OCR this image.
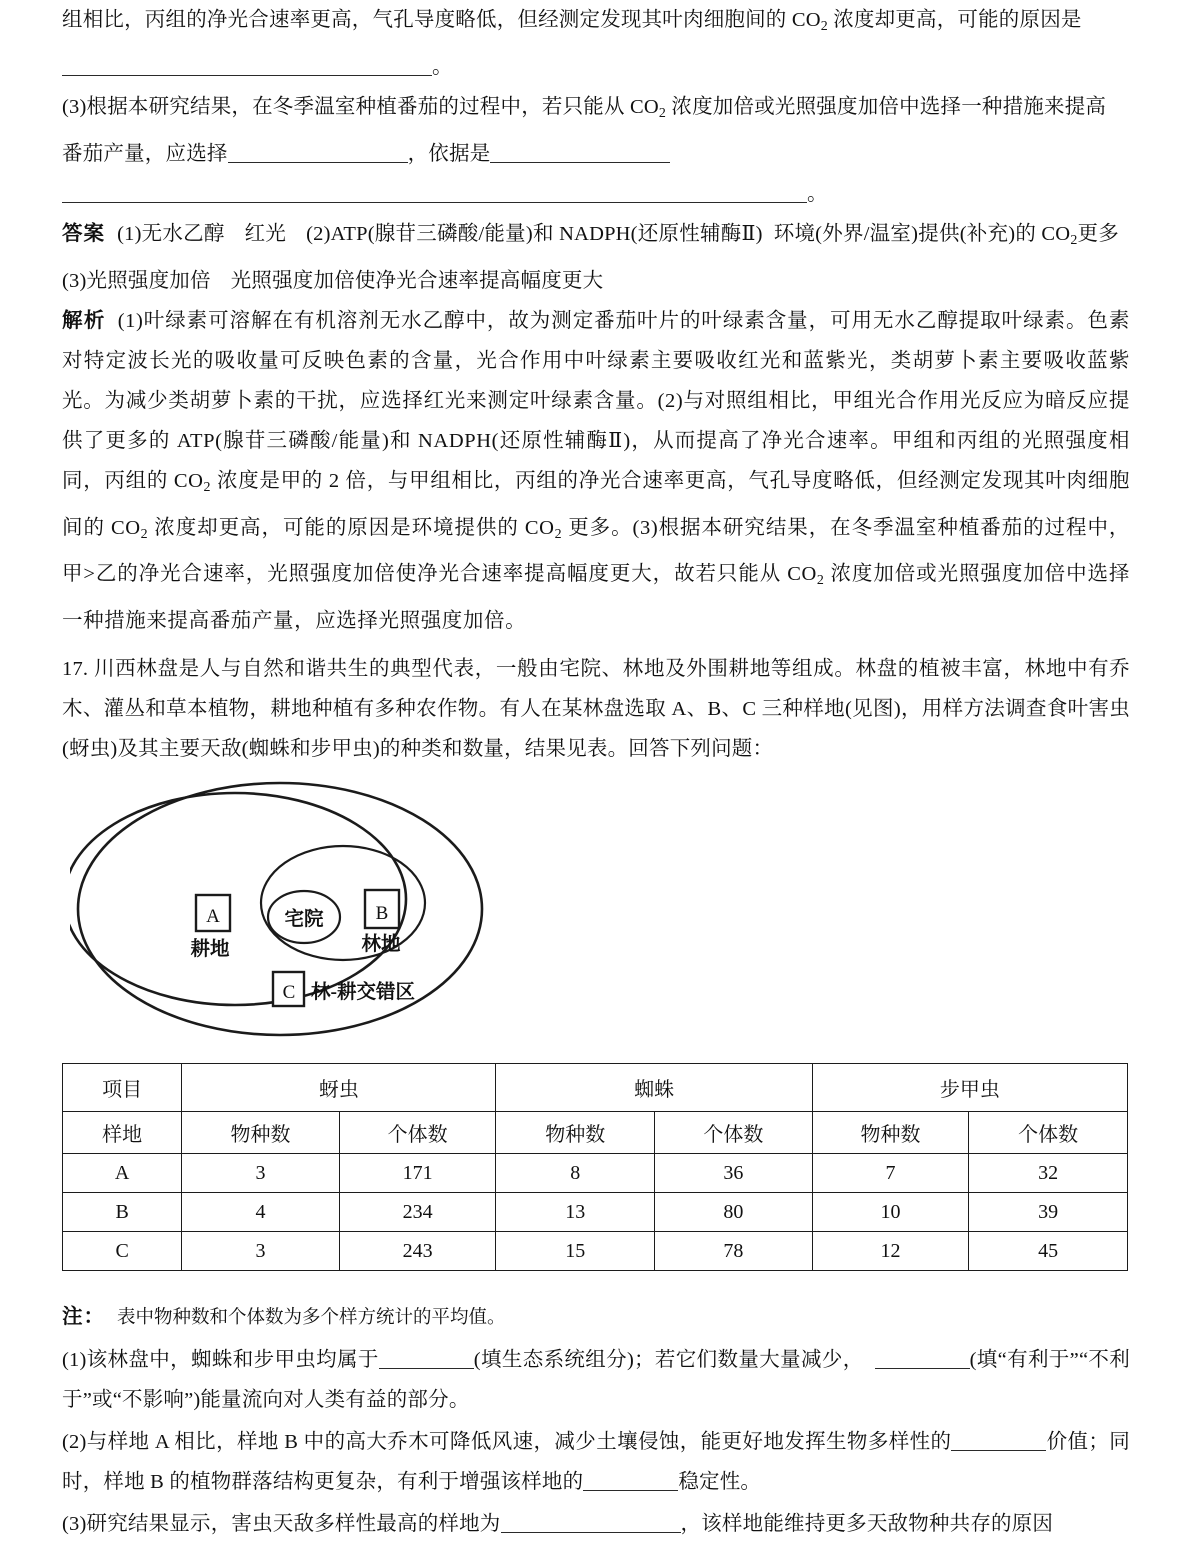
组相比，丙组的净光合速率更高，气孔导度略低，但经测定发现其叶肉细胞间的 $CO_2$ 浓度却更高，可能的原因是
。
(3)根据本研究结果，在冬季温室种植番茄的过程中，若只能从 $CO_2$ 浓度加倍或光照强度加倍中选择一种措施来提高
番茄产量，应选择	，依据是
。
答案 (1)无水乙醇 红光 (2)ATP(腺苷三磷酸/能量)和 NADPH(还原性辅酶Ⅱ) 环境(外界/温室)提供(补充)的 $CO_2$更多(3)光照强度加倍 光照强度加倍使净光合速率提高幅度更大
解析 (1)叶绿素可溶解在有机溶剂无水乙醇中，故为测定番茄叶片的叶绿素含量，可用无水乙醇提取叶绿素。色素对特定波长光的吸收量可反映色素的含量，光合作用中叶绿素主要吸收红光和蓝紫光，类胡萝卜素主要吸收蓝紫光。为减少类胡萝卜素的干扰，应选择红光来测定叶绿素含量。(2)与对照组相比，甲组光合作用光反应为暗反应提供了更多的 ATP(腺苷三磷酸/能量)和 NADPH(还原性辅酶Ⅱ)，从而提高了净光合速率。甲组和丙组的光照强度相同，丙组的 $CO_2$ 浓度是甲的 2 倍，与甲组相比，丙组的净光合速率更高，气孔导度略低，但经测定发现其叶肉细胞间的 $CO_2$ 浓度却更高，可能的原因是环境提供的 $CO_2$ 更多。(3)根据本研究结果，在冬季温室种植番茄的过程中，甲>乙的净光合速率，光照强度加倍使净光合速率提高幅度更大，故若只能从 $CO_2$ 浓度加倍或光照强度加倍中选择一种措施来提高番茄产量，应选择光照强度加倍。
17. 川西林盘是人与自然和谐共生的典型代表，一般由宅院、林地及外围耕地等组成。林盘的植被丰富，林地中有乔木、灌丛和草本植物，耕地种植有多种农作物。有人在某林盘选取 A、B、C 三种样地(见图)，用样方法调查食叶害虫(蚜虫)及其主要天敌(蜘蛛和步甲虫)的种类和数量，结果见表。回答下列问题：
A
耕地
B
林地
C 林-耕交错区
宅院
项目	蚜虫		蜘蛛		步甲虫	
样地	物种数	个体数	物种数	个体数	物种数	个体数
A	3	171	8	36	7	32
B	4	234	13	80	10	39
C	3	243	15	78	12	45
注： 表中物种数和个体数为多个样方统计的平均值。
(1)该林盘中，蜘蛛和步甲虫均属于	(填生态系统组分)；若它们数量大量减少，	(填“有利于”“不利于”或“不影响”)能量流向对人类有益的部分。
(2)与样地 A 相比，样地 B 中的高大乔木可降低风速，减少土壤侵蚀，能更好地发挥生物多样性的	价值；同时，样地 B 的植物群落结构更复杂，有利于增强该样地的	稳定性。
(3)研究结果显示，害虫天敌多样性最高的样地为	，该样地能维持更多天敌物种共存的原因
